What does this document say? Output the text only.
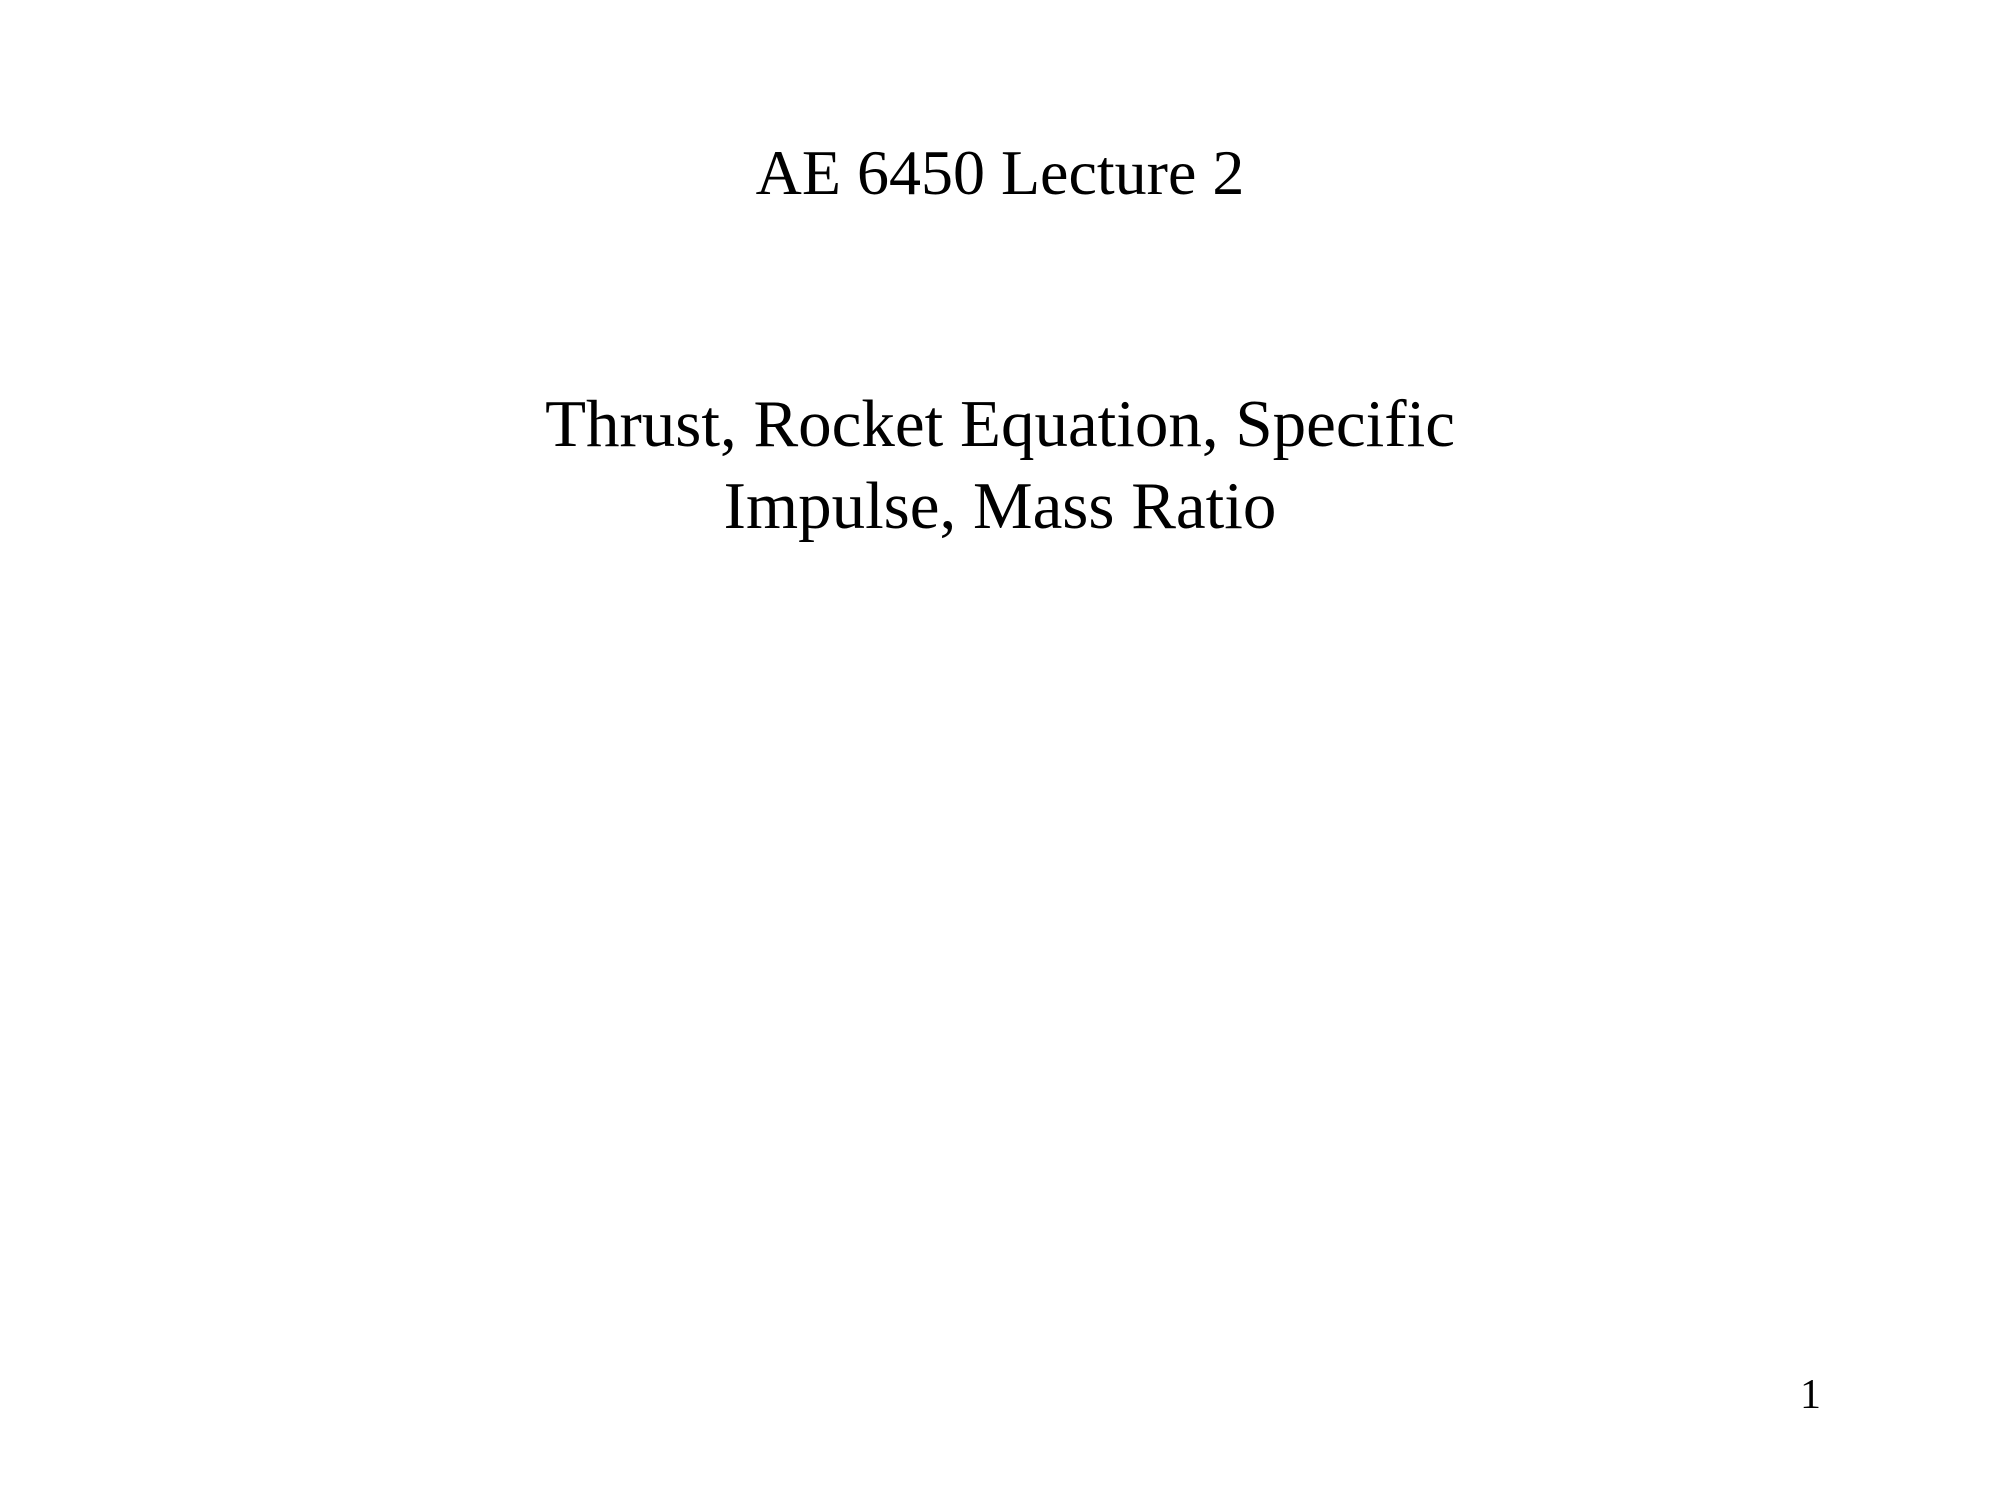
AE 6450 Lecture 2
Thrust, Rocket Equation, Specific
Impulse, Mass Ratio
1
